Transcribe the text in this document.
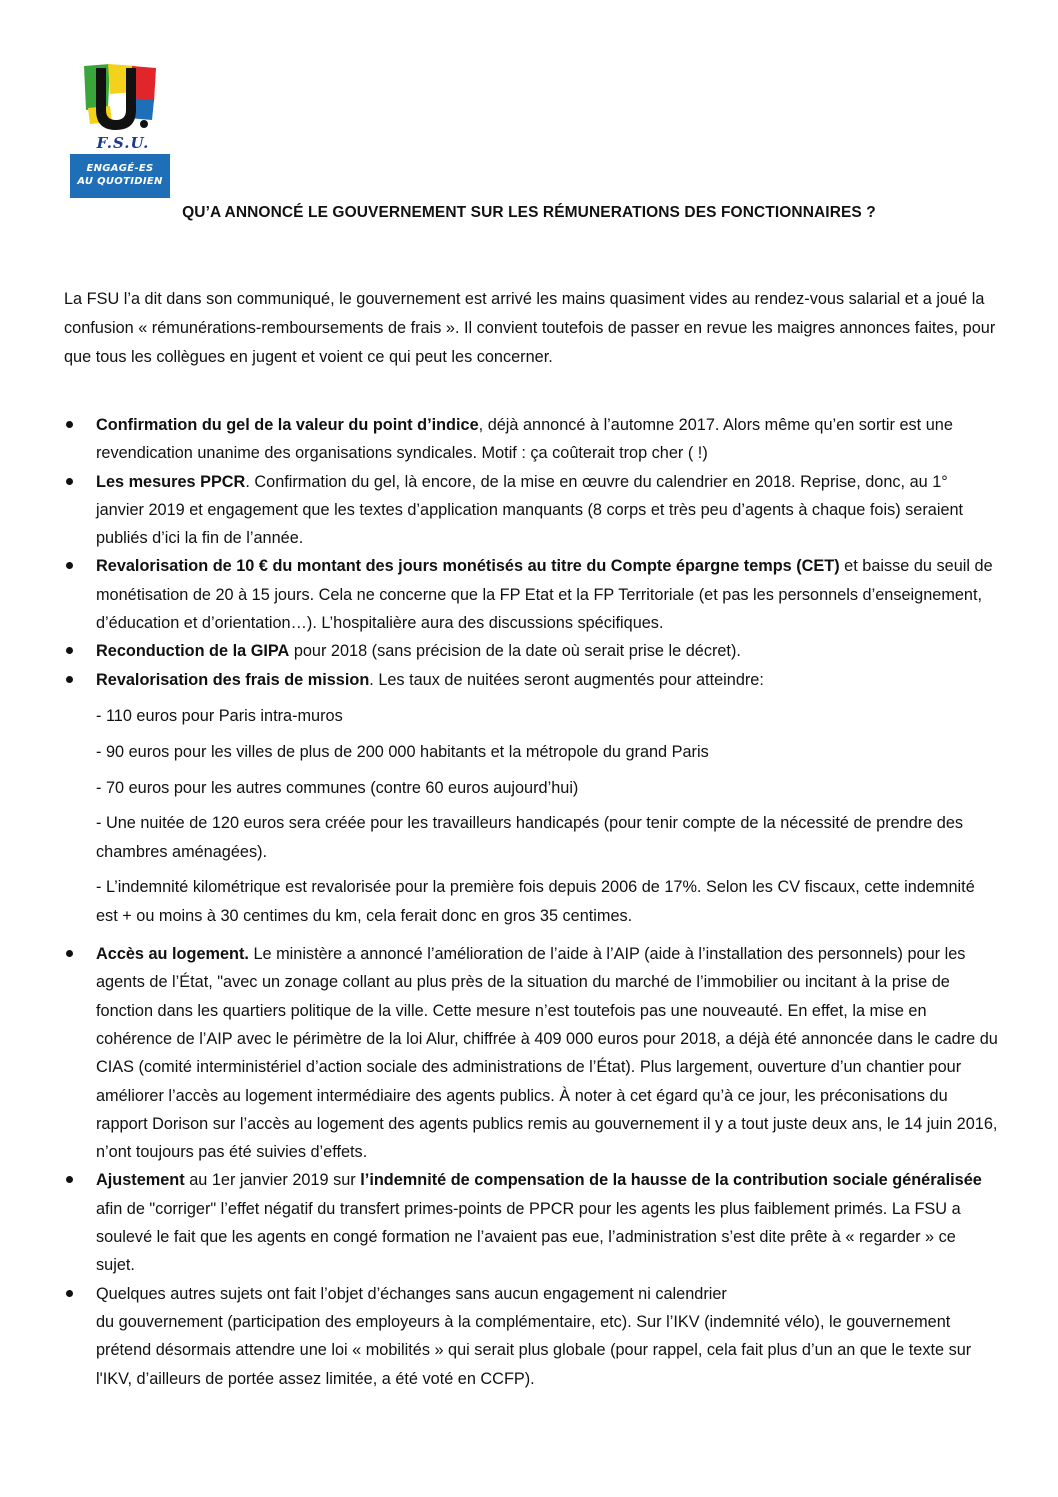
F.S.U.
ENGAGÉ-ES
AU QUOTIDIEN
QU’A ANNONCÉ LE GOUVERNEMENT SUR LES RÉMUNERATIONS DES FONCTIONNAIRES ?
La FSU l’a dit dans son communiqué, le gouvernement est arrivé les mains quasiment vides au rendez-vous salarial et a joué la confusion « rémunérations-remboursements de frais ». Il convient toutefois de passer en revue les maigres annonces faites, pour que tous les collègues en jugent et voient ce qui peut les concerner.
Confirmation du gel de la valeur du point d’indice, déjà annoncé à l’automne 2017. Alors même qu’en sortir est une revendication unanime des organisations syndicales. Motif : ça coûterait trop cher ( !)
Les mesures PPCR. Confirmation du gel, là encore, de la mise en œuvre du calendrier en 2018. Reprise, donc, au 1° janvier 2019 et engagement que les textes d’application manquants (8 corps et très peu d’agents à chaque fois) seraient publiés d’ici la fin de l’année.
Revalorisation de 10 € du montant des jours monétisés au titre du Compte épargne temps (CET) et baisse du seuil de monétisation de 20 à 15 jours. Cela ne concerne que la FP Etat et la FP Territoriale (et pas les personnels d’enseignement, d’éducation et d’orientation…). L’hospitalière aura des discussions spécifiques.
Reconduction de la GIPA pour 2018 (sans précision de la date où serait prise le décret).
Revalorisation des frais de mission. Les taux de nuitées seront augmentés pour atteindre:

- 110 euros pour Paris intra-muros

- 90 euros pour les villes de plus de 200 000 habitants et la métropole du grand Paris

- 70 euros pour les autres communes (contre 60 euros aujourd’hui)

- Une nuitée de 120 euros sera créée pour les travailleurs handicapés (pour tenir compte de la nécessité de prendre des chambres aménagées).

- L’indemnité kilométrique est revalorisée pour la première fois depuis 2006 de 17%. Selon les CV fiscaux, cette indemnité est + ou moins à 30 centimes du km, cela ferait donc en gros 35 centimes.

Accès au logement. Le ministère a annoncé l’amélioration de l’aide à l’AIP (aide à l’installation des personnels) pour les agents de l’État, "avec un zonage collant au plus près de la situation du marché de l’immobilier ou incitant à la prise de fonction dans les quartiers politique de la ville. Cette mesure n’est toutefois pas une nouveauté. En effet, la mise en cohérence de l’AIP avec le périmètre de la loi Alur, chiffrée à 409 000 euros pour 2018, a déjà été annoncée dans le cadre du CIAS (comité interministériel d’action sociale des administrations de l’État). Plus largement, ouverture d’un chantier pour améliorer l’accès au logement intermédiaire des agents publics. À noter à cet égard qu’à ce jour, les préconisations du rapport Dorison sur l’accès au logement des agents publics remis au gouvernement il y a tout juste deux ans, le 14 juin 2016, n’ont toujours pas été suivies d’effets.
Ajustement au 1er janvier 2019 sur l’indemnité de compensation de la hausse de la contribution sociale généralisée afin de "corriger" l’effet négatif du transfert primes-points de PPCR pour les agents les plus faiblement primés. La FSU a soulevé le fait que les agents en congé formation ne l’avaient pas eue, l’administration s’est dite prête à « regarder » ce sujet.
Quelques autres sujets ont fait l’objet d’échanges sans aucun engagement ni calendrier
du gouvernement (participation des employeurs à la complémentaire, etc). Sur l’IKV (indemnité vélo), le gouvernement prétend désormais attendre une loi « mobilités » qui serait plus globale (pour rappel, cela fait plus d’un an que le texte sur l'IKV, d’ailleurs de portée assez limitée, a été voté en CCFP).
